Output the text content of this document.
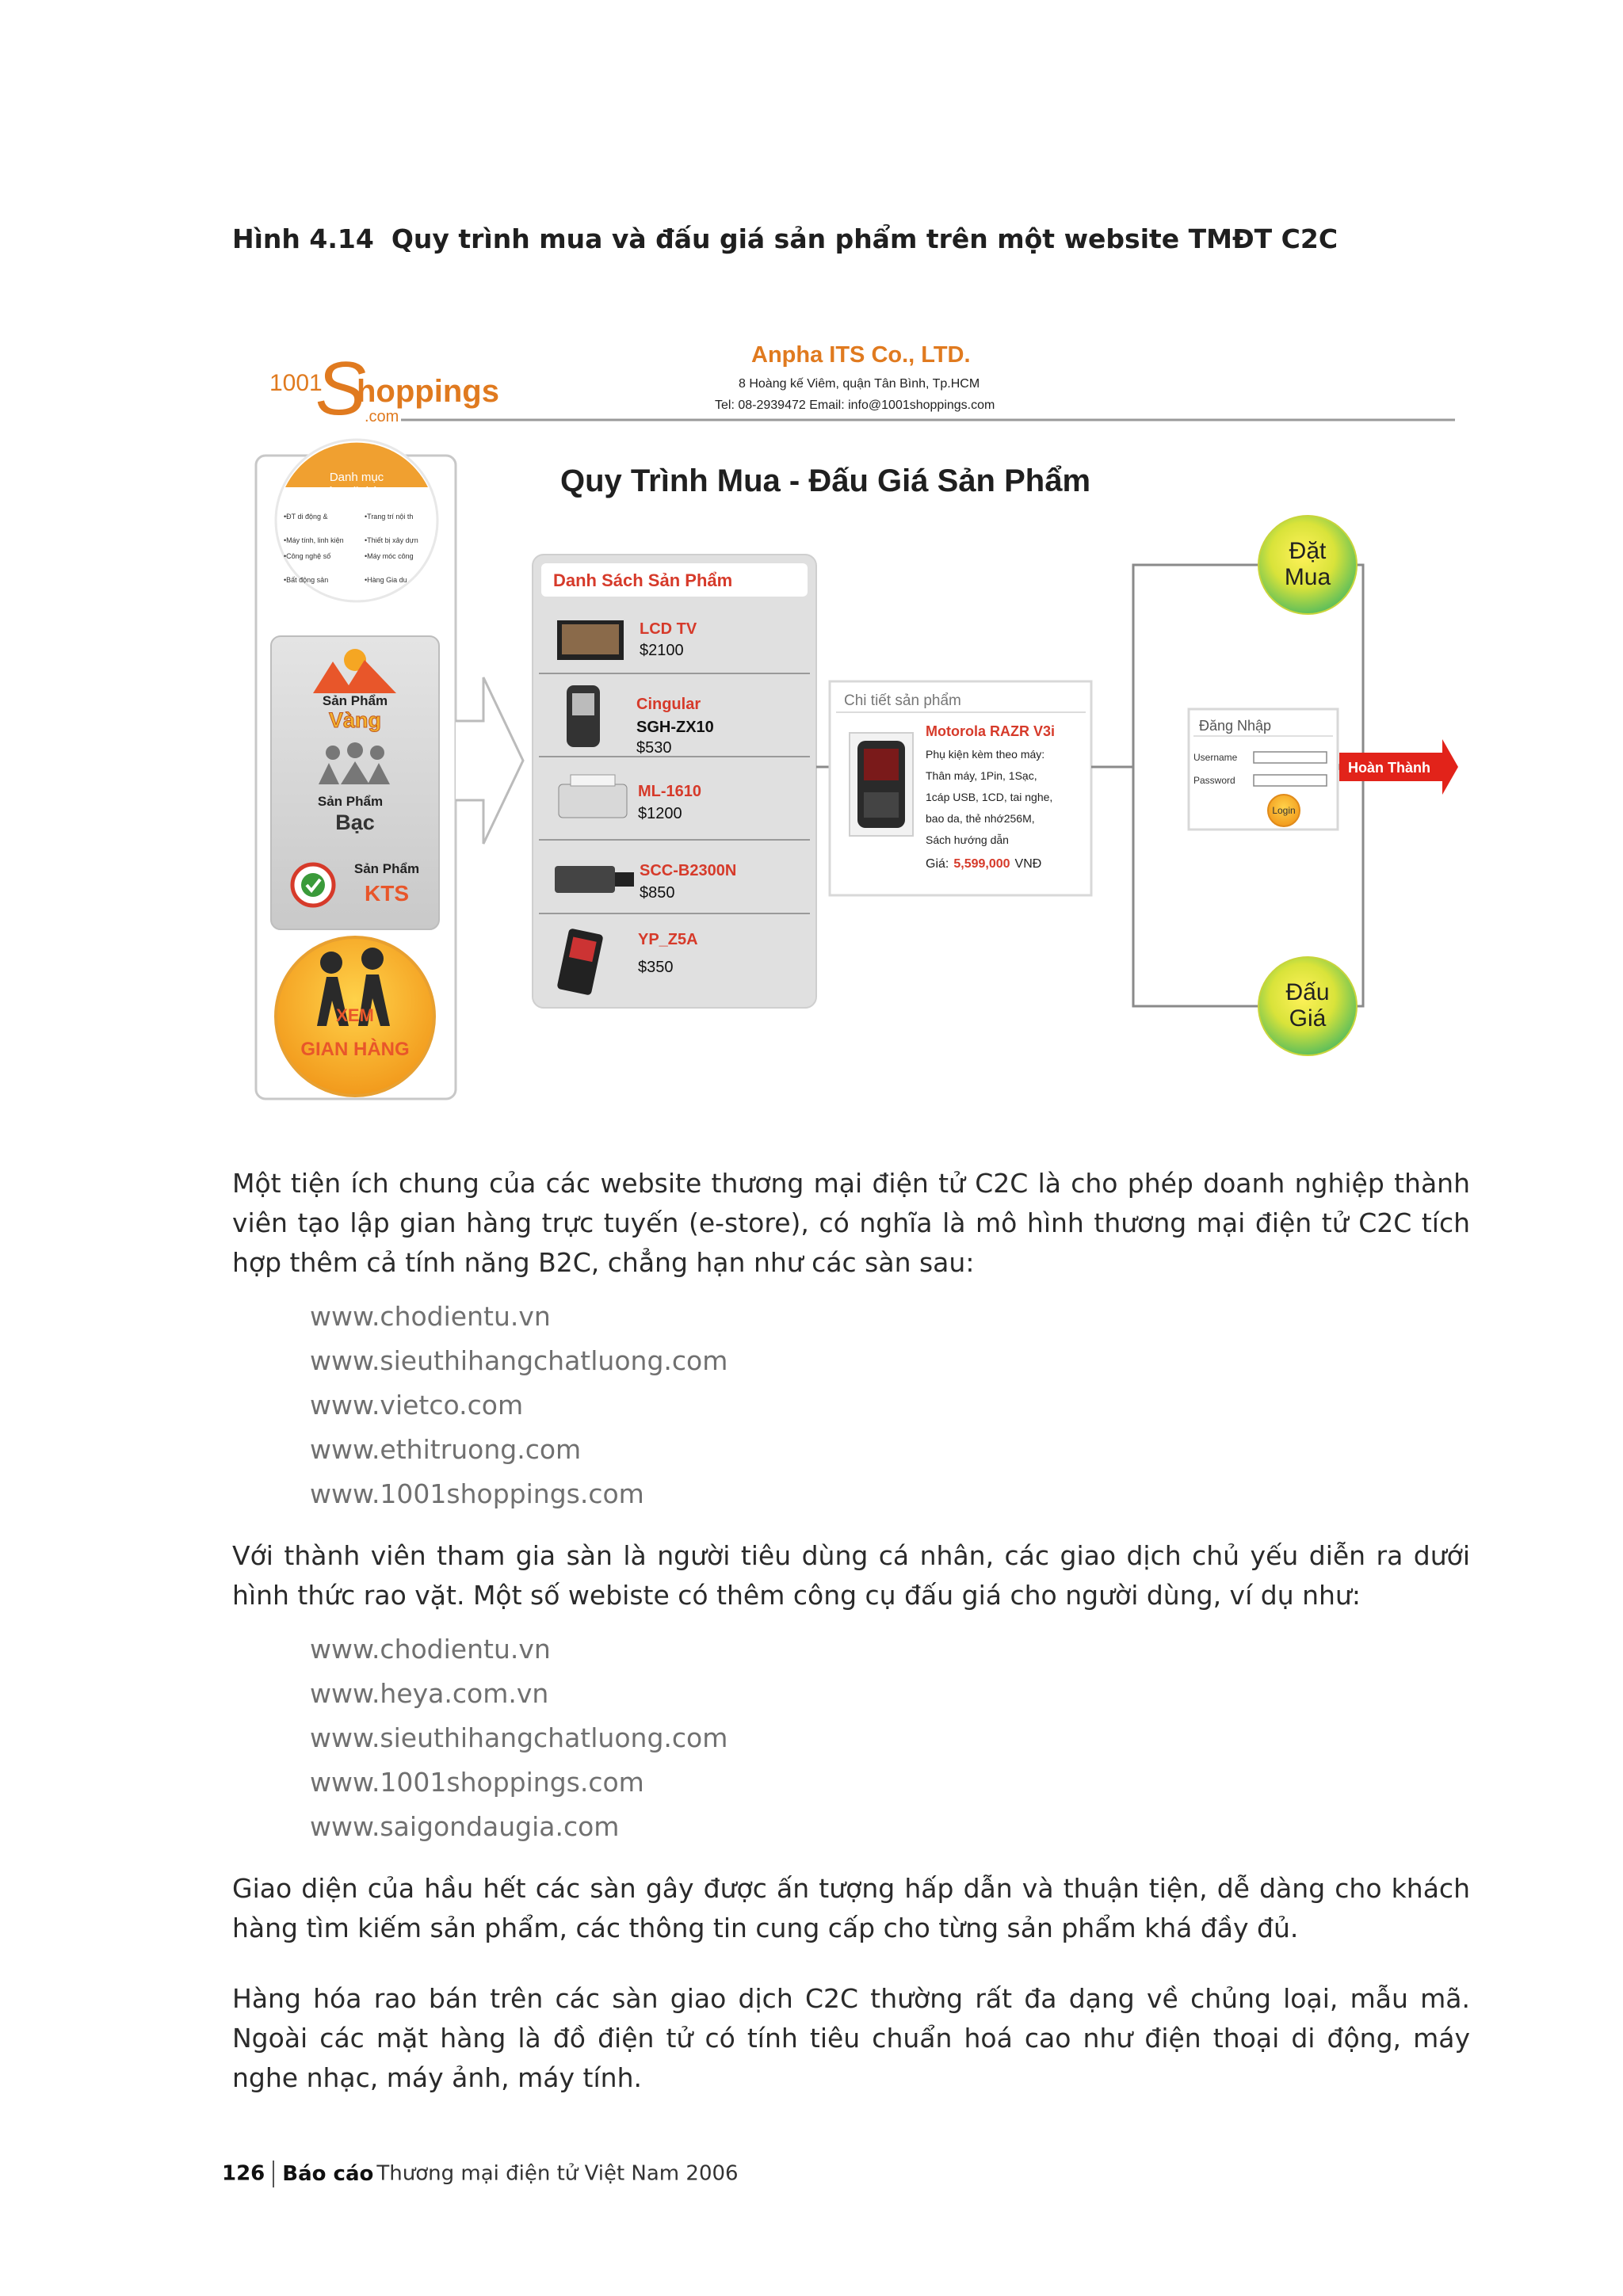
Hình 4.14 Quy trình mua và đấu giá sản phẩm trên một website TMĐT C2C
1001
S
hoppings
.com
Anpha ITS Co., LTD.
8 Hoàng kế Viêm, quận Tân Bình, Tp.HCM
Tel: 08-2939472 Email: info@1001shoppings.com
Quy Trình Mua - Đấu Giá Sản Phẩm
Danh mục
các mặt hàng
•ĐT di động &	•Trang trí nội th
•Máy tính, linh kiện	•Thiết bị xây dựn
•Công nghệ số	•Máy móc công
•Bất động sản	•Hàng Gia du
Sản Phẩm
Vàng
Sản Phẩm
Bạc
Sản Phẩm
KTS
XEM
GIAN HÀNG
Danh Sách Sản Phẩm
LCD TV
$2100
Cingular
SGH-ZX10
$530
ML-1610
$1200
SCC-B2300N
$850
YP_Z5A
$350
Chi tiết sản phẩm
Motorola RAZR V3i
Phụ kiện kèm theo máy:
Thân máy, 1Pin, 1Sạc,
1cáp USB, 1CD, tai nghe,
bao da, thẻ nhớ256M,
Sách hướng dẫn
Giá: 5,599,000 VNĐ
Đặt
Mua
Đấu
Giá
Đăng Nhập
Username
Password
Login
Hoàn Thành
Một tiện ích chung của các website thương mại điện tử C2C là cho phép doanh nghiệp thành viên tạo lập gian hàng trực tuyến (e-store), có nghĩa là mô hình thương mại điện tử C2C tích hợp thêm cả tính năng B2C, chẳng hạn như các sàn sau:
www.chodientu.vn
www.sieuthihangchatluong.com
www.vietco.com
www.ethitruong.com
www.1001shoppings.com
Với thành viên tham gia sàn là người tiêu dùng cá nhân, các giao dịch chủ yếu diễn ra dưới hình thức rao vặt. Một số webiste có thêm công cụ đấu giá cho người dùng, ví dụ như:
www.chodientu.vn
www.heya.com.vn
www.sieuthihangchatluong.com
www.1001shoppings.com
www.saigondaugia.com
Giao diện của hầu hết các sàn gây được ấn tượng hấp dẫn và thuận tiện, dễ dàng cho khách hàng tìm kiếm sản phẩm, các thông tin cung cấp cho từng sản phẩm khá đầy đủ.
Hàng hóa rao bán trên các sàn giao dịch C2C thường rất đa dạng về chủng loại, mẫu mã. Ngoài các mặt hàng là đồ điện tử có tính tiêu chuẩn hoá cao như điện thoại di động, máy nghe nhạc, máy ảnh, máy tính.
126 Báo cáo Thương mại điện tử Việt Nam 2006
